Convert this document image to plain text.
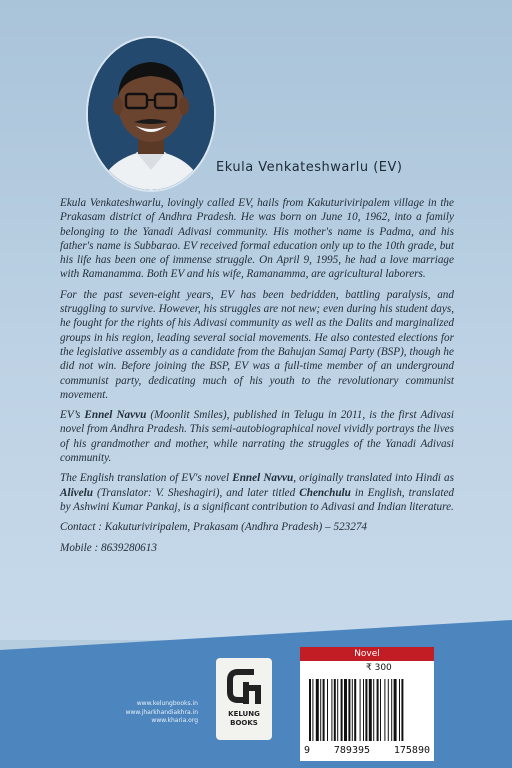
Ekula Venkateshwarlu (EV)

Ekula Venkateshwarlu, lovingly called EV, hails from Kakuturiviripalem village in the Prakasam district of Andhra Pradesh. He was born on June 10, 1962, into a family belonging to the Yanadi Adivasi community. His mother's name is Padma, and his father's name is Subbarao. EV received formal education only up to the 10th grade, but his life has been one of immense struggle. On April 9, 1995, he had a love marriage with Ramanamma. Both EV and his wife, Ramanamma, are agricultural laborers.

For the past seven-eight years, EV has been bedridden, battling paralysis, and struggling to survive. However, his struggles are not new; even during his student days, he fought for the rights of his Adivasi community as well as the Dalits and marginalized groups in his region, leading several social movements. He also contested elections for the legislative assembly as a candidate from the Bahujan Samaj Party (BSP), though he did not win. Before joining the BSP, EV was a full-time member of an underground communist party, dedicating much of his youth to the revolutionary communist movement.

EV’s Ennel Navvu (Moonlit Smiles), published in Telugu in 2011, is the first Adivasi novel from Andhra Pradesh. This semi-autobiographical novel vividly portrays the lives of his grandmother and mother, while narrating the struggles of the Yanadi Adivasi community.

The English translation of EV's novel Ennel Navvu, originally translated into Hindi as Alivelu (Translator: V. Sheshagiri), and later titled Chenchulu in English, translated by Ashwini Kumar Pankaj, is a significant contribution to Adivasi and Indian literature.

Contact : Kakuturiviripalem, Prakasam (Andhra Pradesh) – 523274

Mobile : 8639280613

www.kelungbooks.in
www.jharkhandiakhra.in
www.kharia.org
KELUNG
BOOKS
Novel
₹ 300
9 789395 175890
